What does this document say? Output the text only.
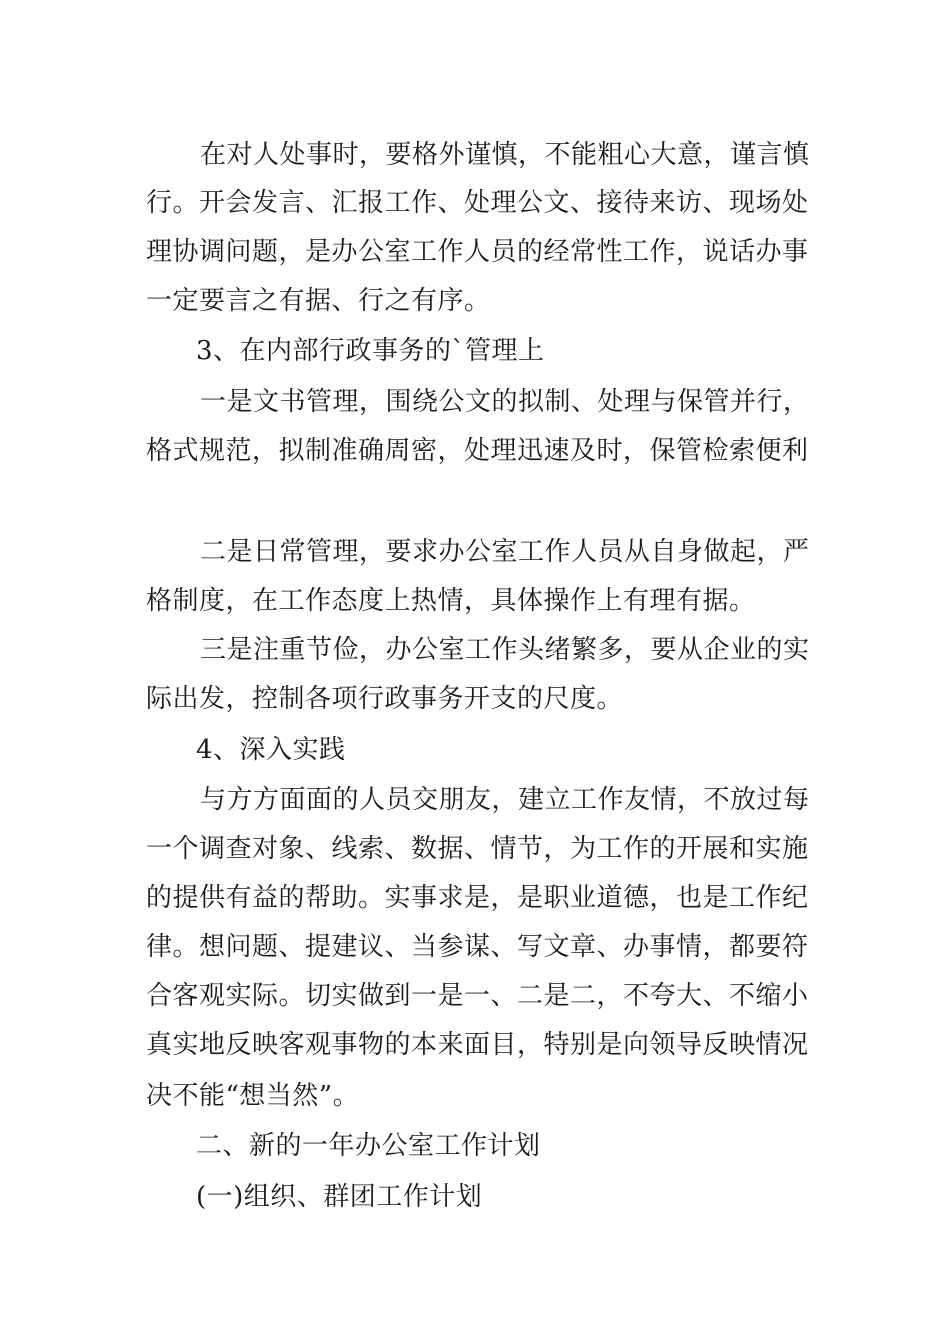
在对人处事时，要格外谨慎，不能粗心大意，谨言慎
行。开会发言、汇报工作、处理公文、接待来访、现场处
理协调问题，是办公室工作人员的经常性工作，说话办事
一定要言之有据、行之有序。
3、在内部行政事务的`管理上
一是文书管理，围绕公文的拟制、处理与保管并行，
格式规范，拟制准确周密，处理迅速及时，保管检索便利
二是日常管理，要求办公室工作人员从自身做起，严
格制度，在工作态度上热情，具体操作上有理有据。
三是注重节俭，办公室工作头绪繁多，要从企业的实
际出发，控制各项行政事务开支的尺度。
4、深入实践
与方方面面的人员交朋友，建立工作友情，不放过每
一个调查对象、线索、数据、情节，为工作的开展和实施
的提供有益的帮助。实事求是，是职业道德，也是工作纪
律。想问题、提建议、当参谋、写文章、办事情，都要符
合客观实际。切实做到一是一、二是二，不夸大、不缩小
真实地反映客观事物的本来面目，特别是向领导反映情况
决不能“想当然”。
二、新的一年办公室工作计划
(一)组织、群团工作计划
